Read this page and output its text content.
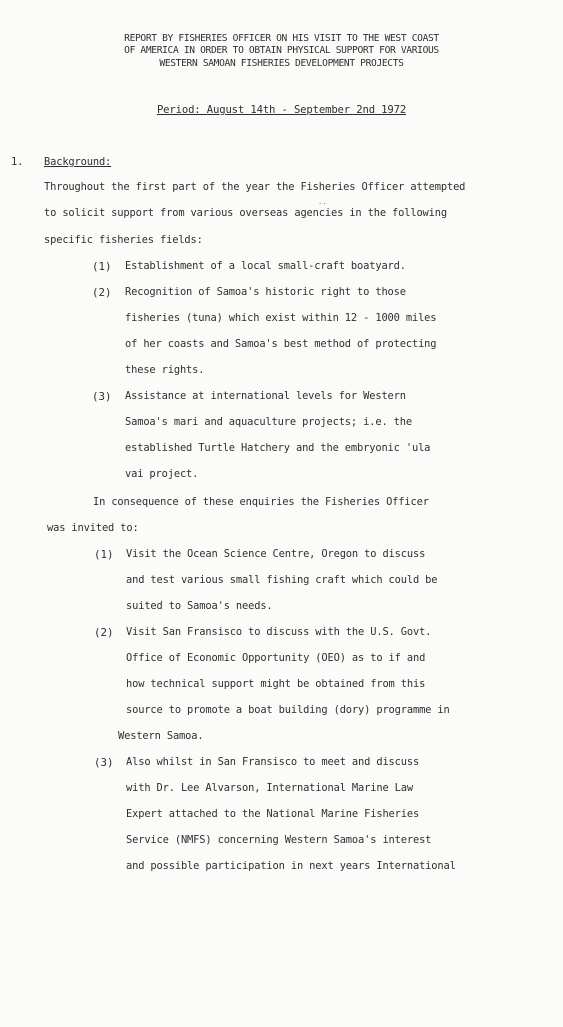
REPORT BY FISHERIES OFFICER ON HIS VISIT TO THE WEST COAST
OF AMERICA IN ORDER TO OBTAIN PHYSICAL SUPPORT FOR VARIOUS
WESTERN SAMOAN FISHERIES DEVELOPMENT PROJECTS
Period: August 14th - September 2nd 1972
1. Background:
Throughout the first part of the year the Fisheries Officer attempted
..
to solicit support from various overseas agencies in the following
specific fisheries fields:
(1) Establishment of a local small-craft boatyard.
(2) Recognition of Samoa's historic right to those
fisheries (tuna) which exist within 12 - 1000 miles
of her coasts and Samoa's best method of protecting
these rights.
(3) Assistance at international levels for Western
Samoa's mari and aquaculture projects; i.e. the
established Turtle Hatchery and the embryonic 'ula
vai project.
In consequence of these enquiries the Fisheries Officer
was invited to:
(1) Visit the Ocean Science Centre, Oregon to discuss
and test various small fishing craft which could be
suited to Samoa's needs.
(2) Visit San Fransisco to discuss with the U.S. Govt.
Office of Economic Opportunity (OEO) as to if and
how technical support might be obtained from this
source to promote a boat building (dory) programme in
Western Samoa.
(3) Also whilst in San Fransisco to meet and discuss
with Dr. Lee Alvarson, International Marine Law
Expert attached to the National Marine Fisheries
Service (NMFS) concerning Western Samoa's interest
and possible participation in next years International
